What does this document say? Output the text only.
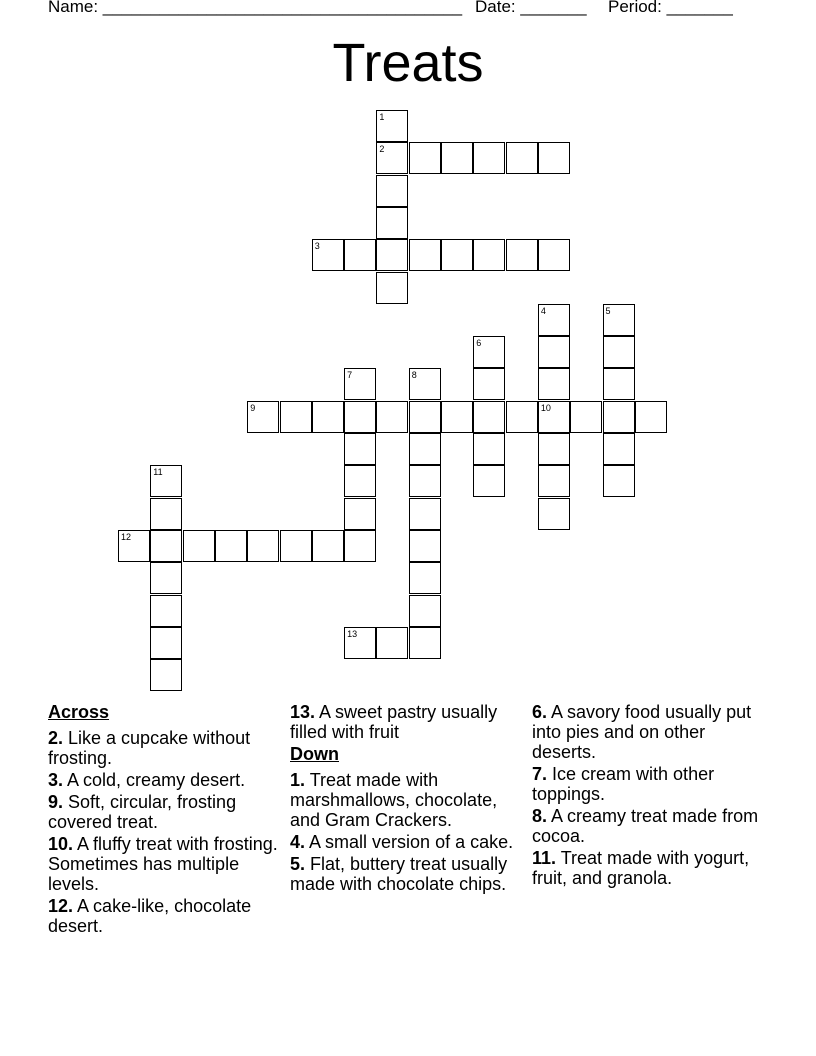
Name: ______________________________________ Date: _______ Period: _______
Treats
1
2
3
4	5
6
7	8
9	10
11
12
13
Across
2. Like a cupcake without frosting.
3. A cold, creamy desert.
9. Soft, circular, frosting covered treat.
10. A fluffy treat with frosting. Sometimes has multiple levels.
12. A cake-like, chocolate desert.
13. A sweet pastry usually filled with fruit
Down
1. Treat made with marshmallows, chocolate, and Gram Crackers.
4. A small version of a cake.
5. Flat, buttery treat usually made with chocolate chips.
6. A savory food usually put into pies and on other deserts.
7. Ice cream with other toppings.
8. A creamy treat made from cocoa.
11. Treat made with yogurt, fruit, and granola.
